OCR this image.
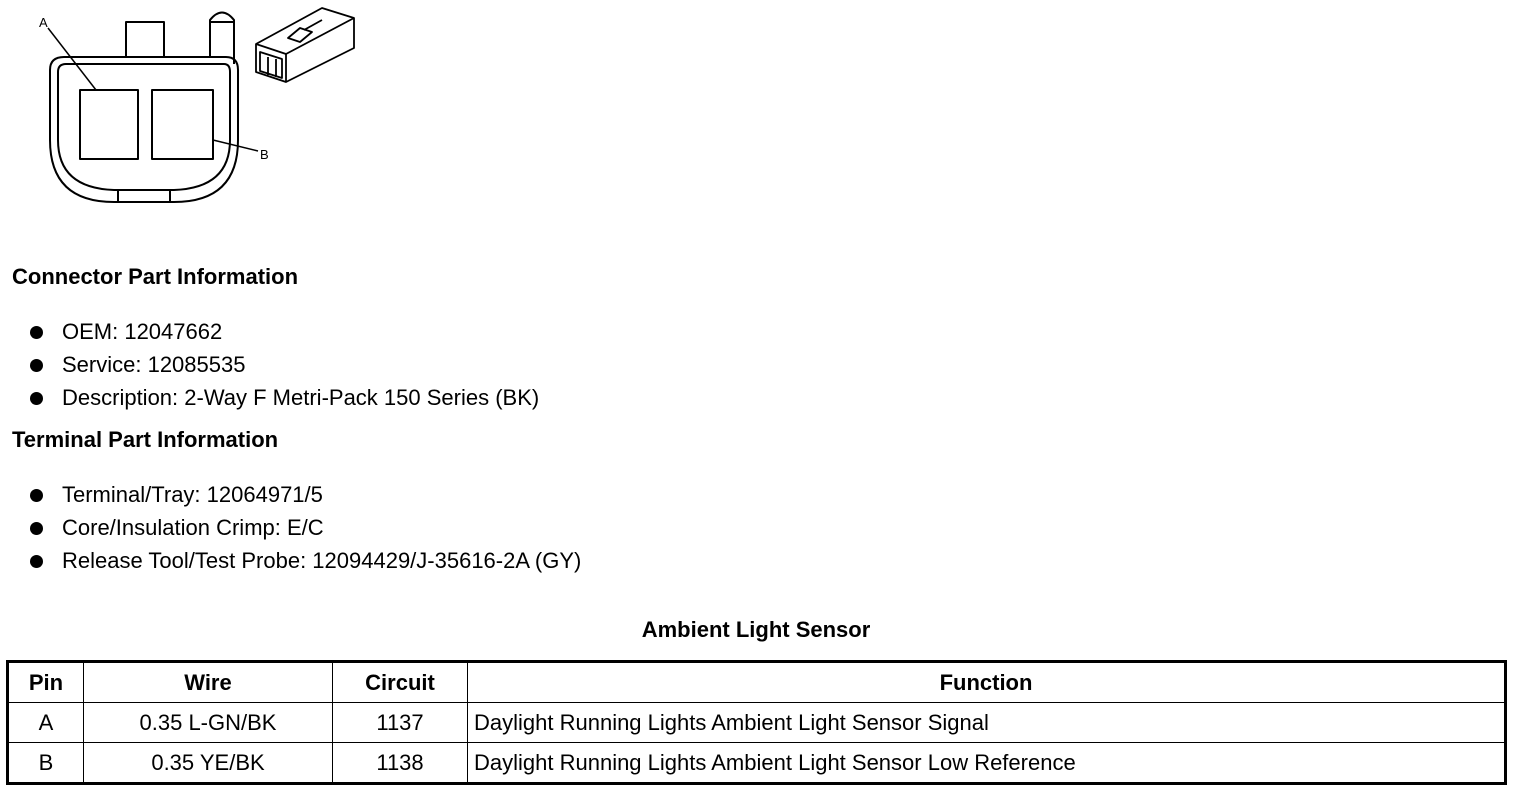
A
B
Connector Part Information
OEM: 12047662
Service: 12085535
Description: 2-Way F Metri-Pack 150 Series (BK)
Terminal Part Information
Terminal/Tray: 12064971/5
Core/Insulation Crimp: E/C
Release Tool/Test Probe: 12094429/J-35616-2A (GY)
Ambient Light Sensor
Pin	Wire	Circuit	Function
A	0.35 L-GN/BK	1137	Daylight Running Lights Ambient Light Sensor Signal
B	0.35 YE/BK	1138	Daylight Running Lights Ambient Light Sensor Low Reference
